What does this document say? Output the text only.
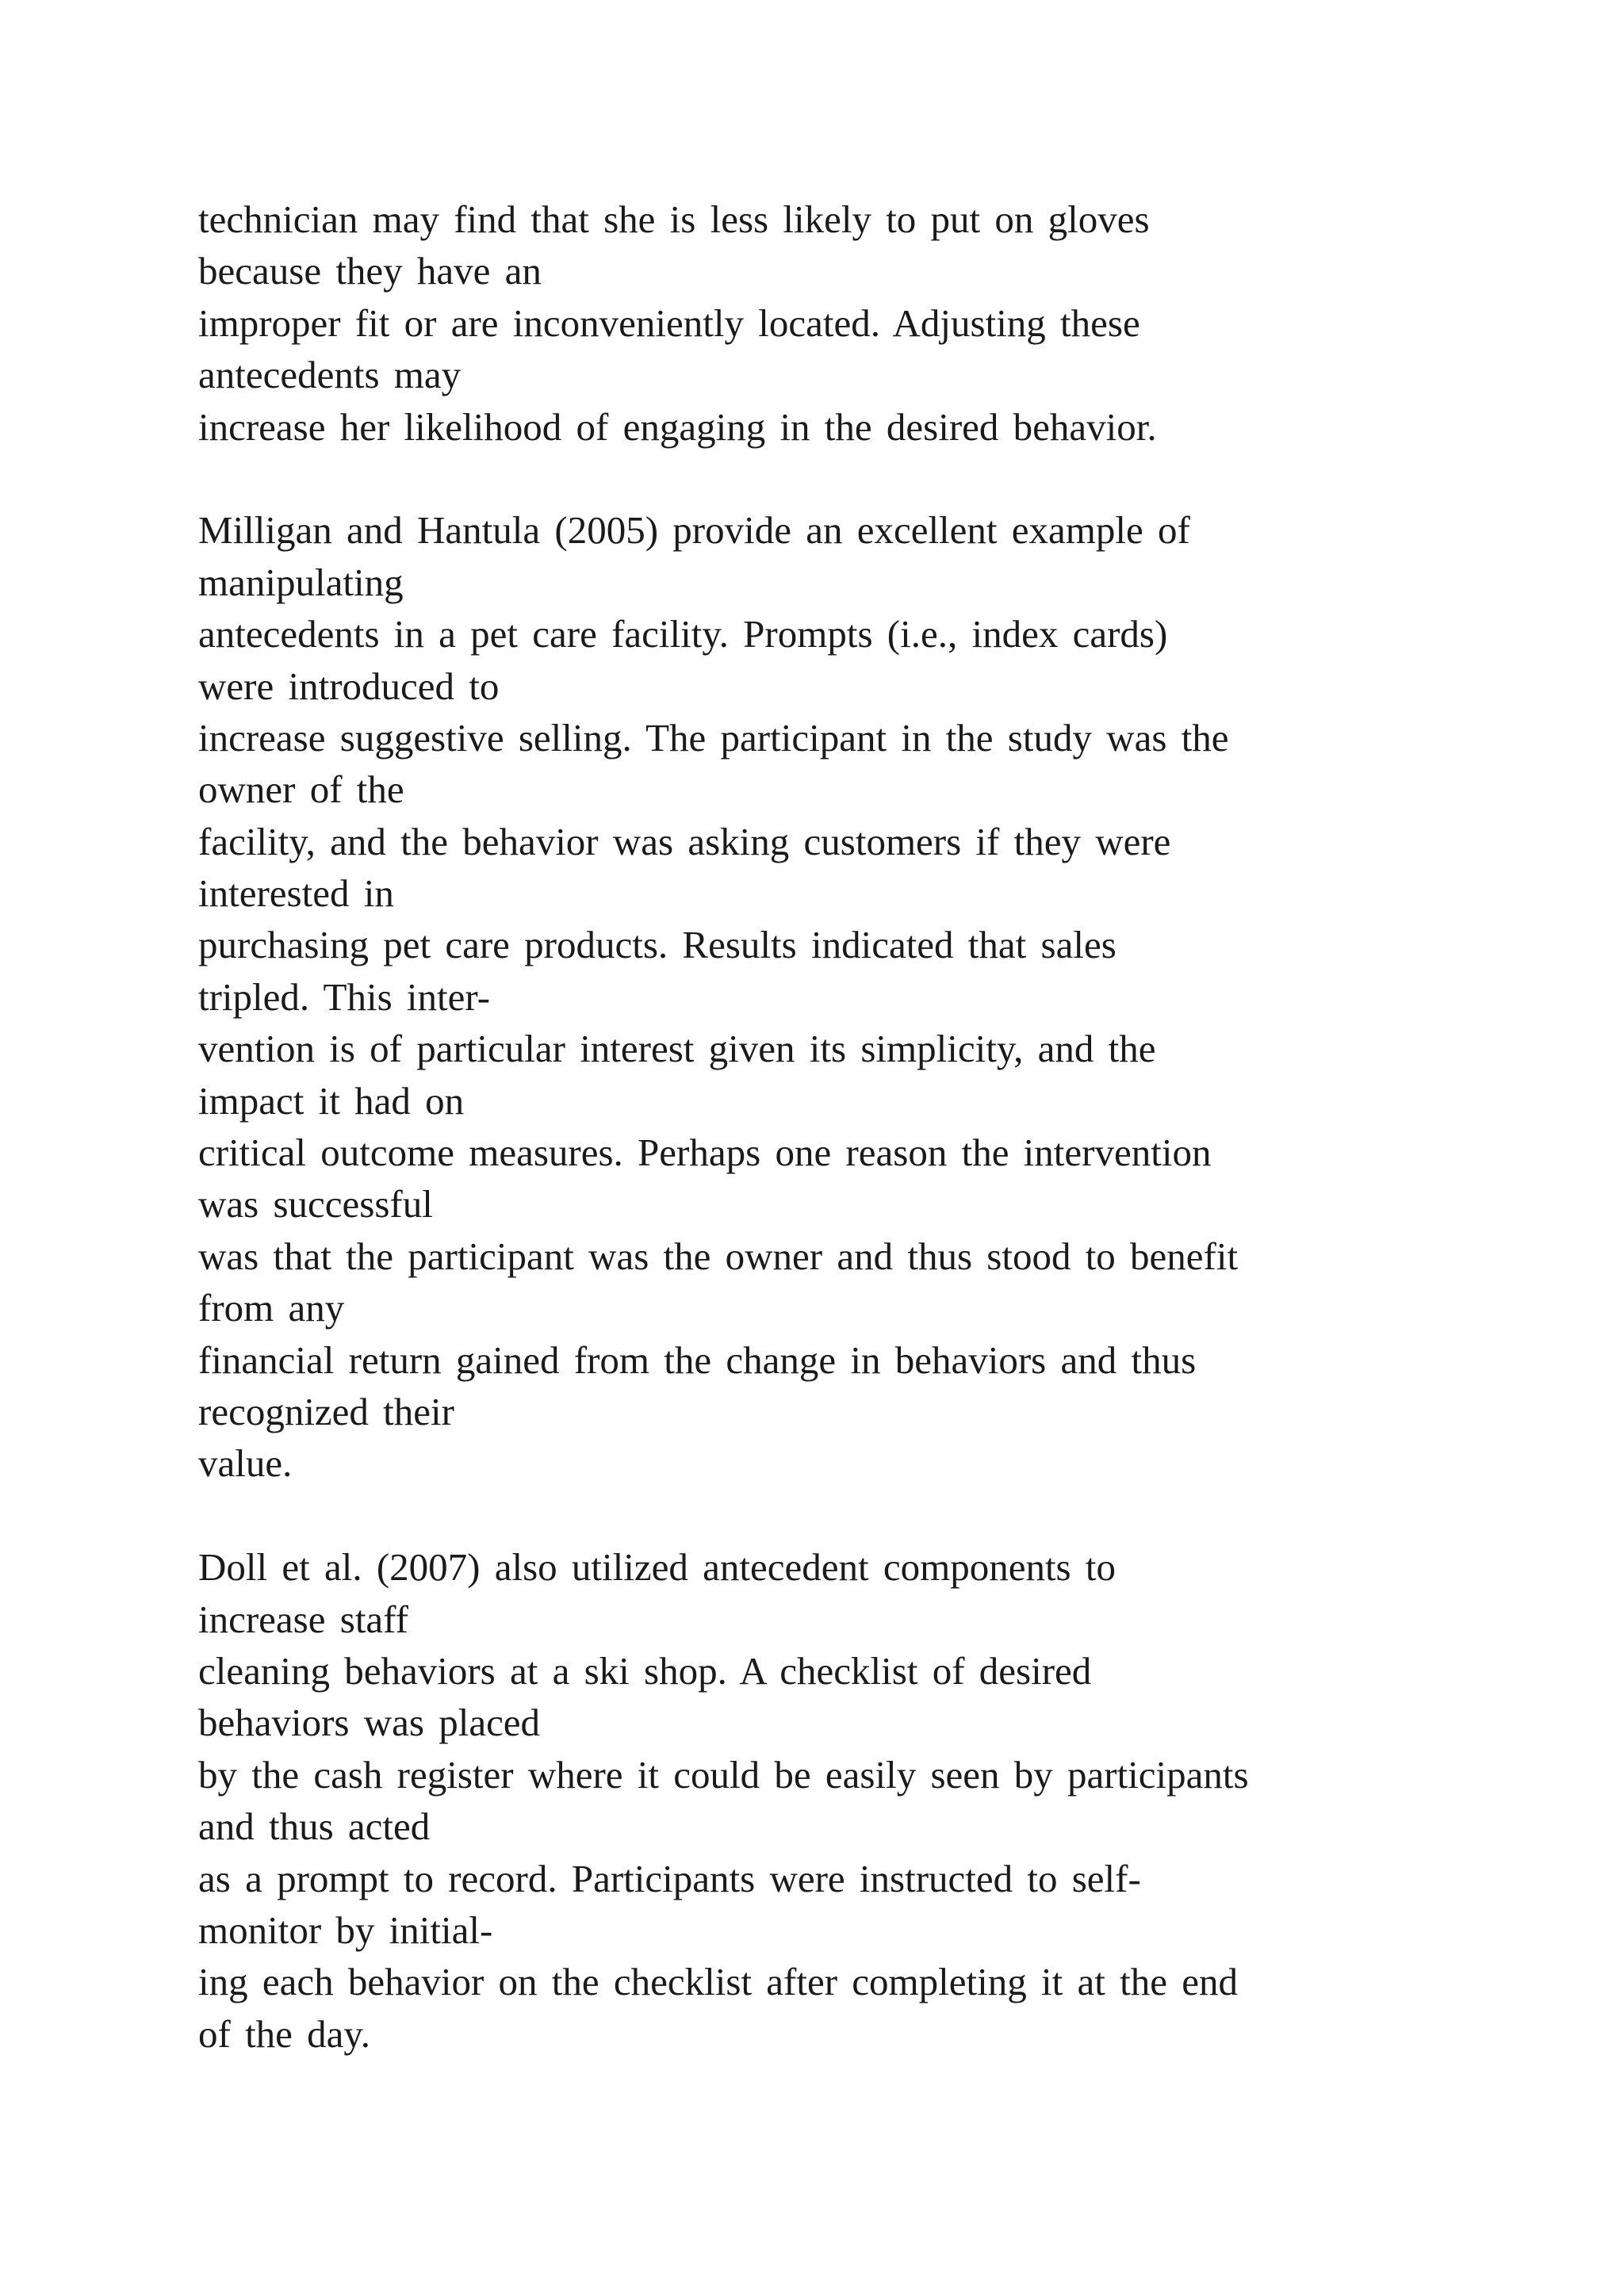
technician may find that she is less likely to put on gloves
because they have an
improper fit or are inconveniently located. Adjusting these
antecedents may
increase her likelihood of engaging in the desired behavior.
Milligan and Hantula (2005) provide an excellent example of
manipulating
antecedents in a pet care facility. Prompts (i.e., index cards)
were introduced to
increase suggestive selling. The participant in the study was the
owner of the
facility, and the behavior was asking customers if they were
interested in
purchasing pet care products. Results indicated that sales
tripled. This inter-
vention is of particular interest given its simplicity, and the
impact it had on
critical outcome measures. Perhaps one reason the intervention
was successful
was that the participant was the owner and thus stood to benefit
from any
financial return gained from the change in behaviors and thus
recognized their
value.
Doll et al. (2007) also utilized antecedent components to
increase staff
cleaning behaviors at a ski shop. A checklist of desired
behaviors was placed
by the cash register where it could be easily seen by participants
and thus acted
as a prompt to record. Participants were instructed to self-
monitor by initial-
ing each behavior on the checklist after completing it at the end
of the day.
